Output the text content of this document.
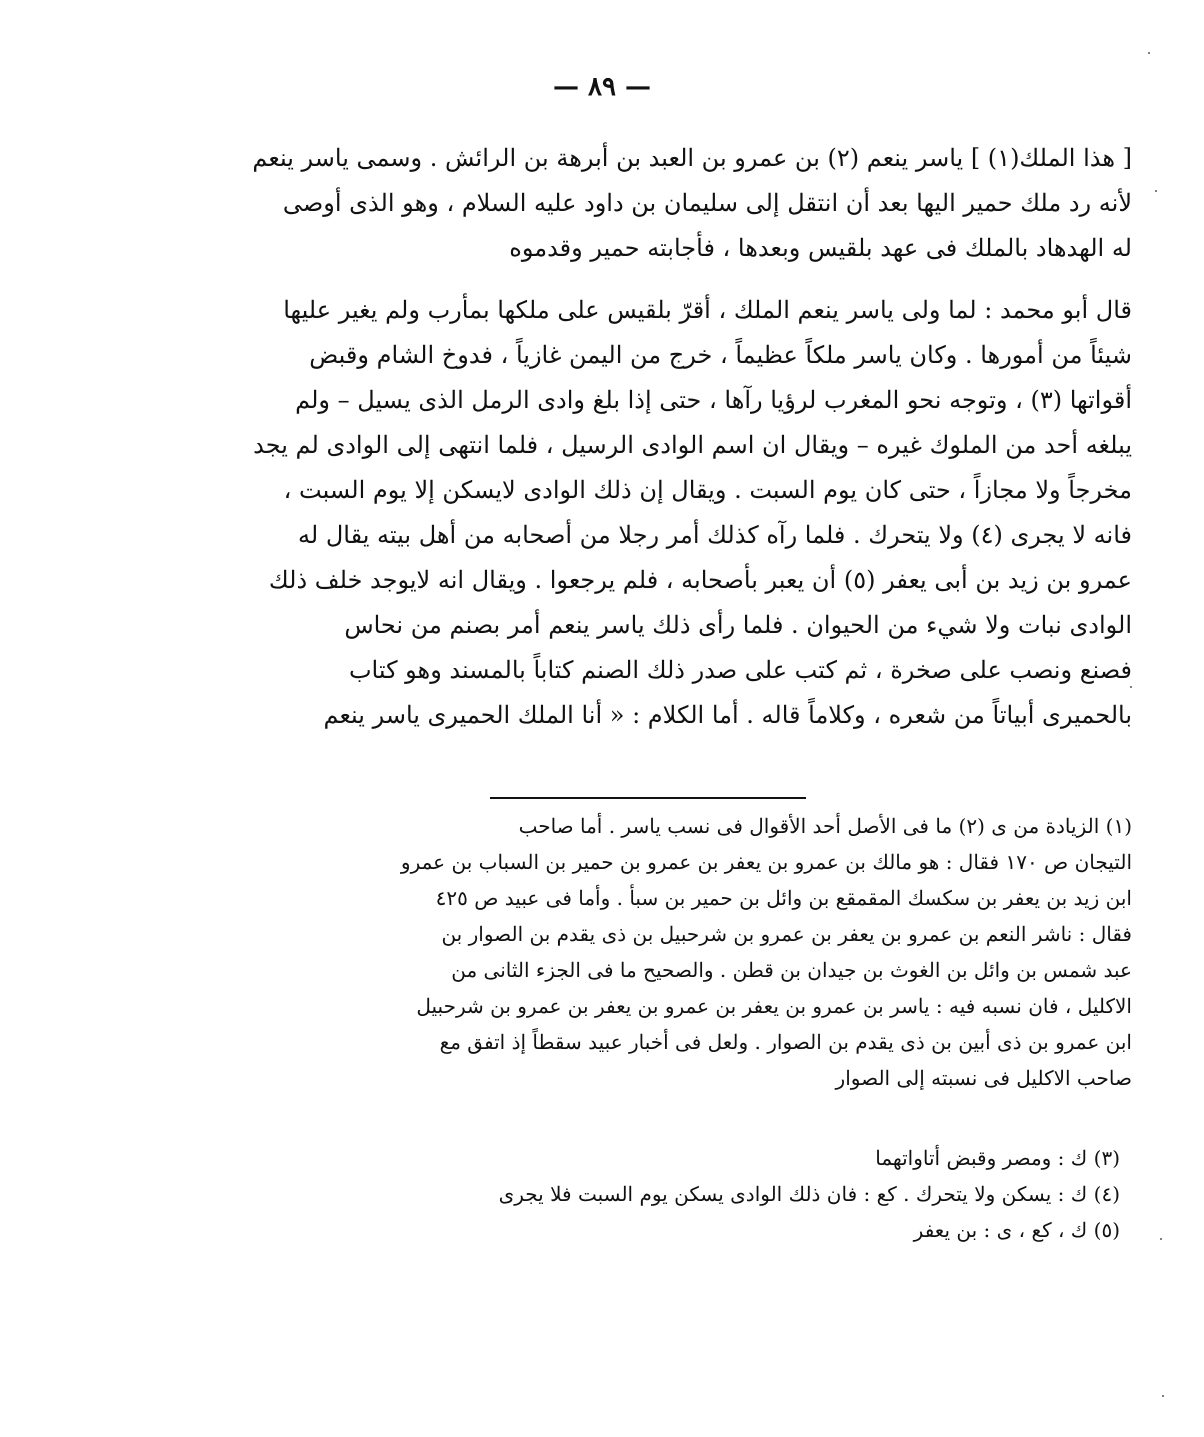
— ٨٩ —
[ هذا الملك(١) ] ياسر ينعم (٢) بن عمرو بن العبد بن أبرهة بن الرائش . وسمى ياسر ينعم
لأنه رد ملك حمير اليها بعد أن انتقل إلى سليمان بن داود عليه السلام ، وهو الذى أوصى
له الهدهاد بالملك فى عهد بلقيس وبعدها ، فأجابته حمير وقدموه
قال أبو محمد : لما ولى ياسر ينعم الملك ، أقرّ بلقيس على ملكها بمأرب ولم يغير عليها
شيئاً من أمورها . وكان ياسر ملكاً عظيماً ، خرج من اليمن غازياً ، فدوخ الشام وقبض
أقواتها (٣) ، وتوجه نحو المغرب لرؤيا رآها ، حتى إذا بلغ وادى الرمل الذى يسيل – ولم
يبلغه أحد من الملوك غيره – ويقال ان اسم الوادى الرسيل ، فلما انتهى إلى الوادى لم يجد
مخرجاً ولا مجازاً ، حتى كان يوم السبت . ويقال إن ذلك الوادى لايسكن إلا يوم السبت ،
فانه لا يجرى (٤) ولا يتحرك . فلما رآه كذلك أمر رجلا من أصحابه من أهل بيته يقال له
عمرو بن زيد بن أبى يعفر (٥) أن يعبر بأصحابه ، فلم يرجعوا . ويقال انه لايوجد خلف ذلك
الوادى نبات ولا شيء من الحيوان . فلما رأى ذلك ياسر ينعم أمر بصنم من نحاس
فصنع ونصب على صخرة ، ثم كتب على صدر ذلك الصنم كتاباً بالمسند وهو كتاب
بالحميرى أبياتاً من شعره ، وكلاماً قاله . أما الكلام : « أنا الملك الحميرى ياسر ينعم
(١) الزيادة من ى (٢) ما فى الأصل أحد الأقوال فى نسب ياسر . أما صاحب
التيجان ص ١٧٠ فقال : هو مالك بن عمرو بن يعفر بن عمرو بن حمير بن السباب بن عمرو
ابن زيد بن يعفر بن سكسك المقمقع بن وائل بن حمير بن سبأ . وأما فى عبيد ص ٤٢٥
فقال : ناشر النعم بن عمرو بن يعفر بن عمرو بن شرحبيل بن ذى يقدم بن الصوار بن
عبد شمس بن وائل بن الغوث بن جيدان بن قطن . والصحيح ما فى الجزء الثانى من
الاكليل ، فان نسبه فيه : ياسر بن عمرو بن يعفر بن عمرو بن يعفر بن عمرو بن شرحبيل
ابن عمرو بن ذى أبين بن ذى يقدم بن الصوار . ولعل فى أخبار عبيد سقطاً إذ اتفق مع
صاحب الاكليل فى نسبته إلى الصوار
(٣) ك : ومصر وقبض أتاواتهما
(٤) ك : يسكن ولا يتحرك . كع : فان ذلك الوادى يسكن يوم السبت فلا يجرى
(٥) ك ، كع ، ى : بن يعفر
